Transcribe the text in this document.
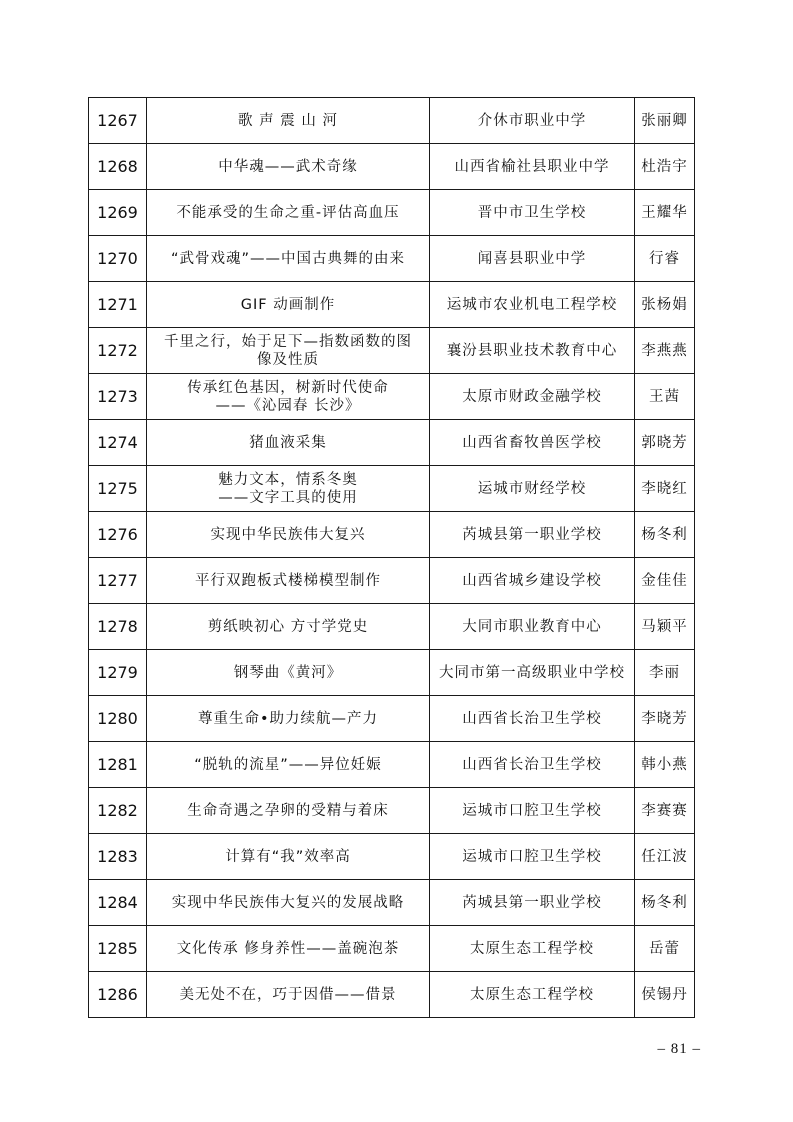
1267	歌 声 震 山 河	介休市职业中学	张丽卿
1268	中华魂——武术奇缘	山西省榆社县职业中学	杜浩宇
1269	不能承受的生命之重-评估高血压	晋中市卫生学校	王耀华
1270	“武骨戏魂”——中国古典舞的由来	闻喜县职业中学	行睿
1271	GIF 动画制作	运城市农业机电工程学校	张杨娟
1272	千里之行，始于足下—指数函数的图
像及性质	襄汾县职业技术教育中心	李燕燕
1273	传承红色基因，树新时代使命
——《沁园春 长沙》	太原市财政金融学校	王茜
1274	猪血液采集	山西省畜牧兽医学校	郭晓芳
1275	魅力文本，情系冬奥
——文字工具的使用	运城市财经学校	李晓红
1276	实现中华民族伟大复兴	芮城县第一职业学校	杨冬利
1277	平行双跑板式楼梯模型制作	山西省城乡建设学校	金佳佳
1278	剪纸映初心 方寸学党史	大同市职业教育中心	马颖平
1279	钢琴曲《黄河》	大同市第一高级职业中学校	李丽
1280	尊重生命•助力续航—产力	山西省长治卫生学校	李晓芳
1281	“脱轨的流星”——异位妊娠	山西省长治卫生学校	韩小燕
1282	生命奇遇之孕卵的受精与着床	运城市口腔卫生学校	李赛赛
1283	计算有“我”效率高	运城市口腔卫生学校	任江波
1284	实现中华民族伟大复兴的发展战略	芮城县第一职业学校	杨冬利
1285	文化传承 修身养性——盖碗泡茶	太原生态工程学校	岳蕾
1286	美无处不在，巧于因借——借景	太原生态工程学校	侯锡丹
– 81 –
